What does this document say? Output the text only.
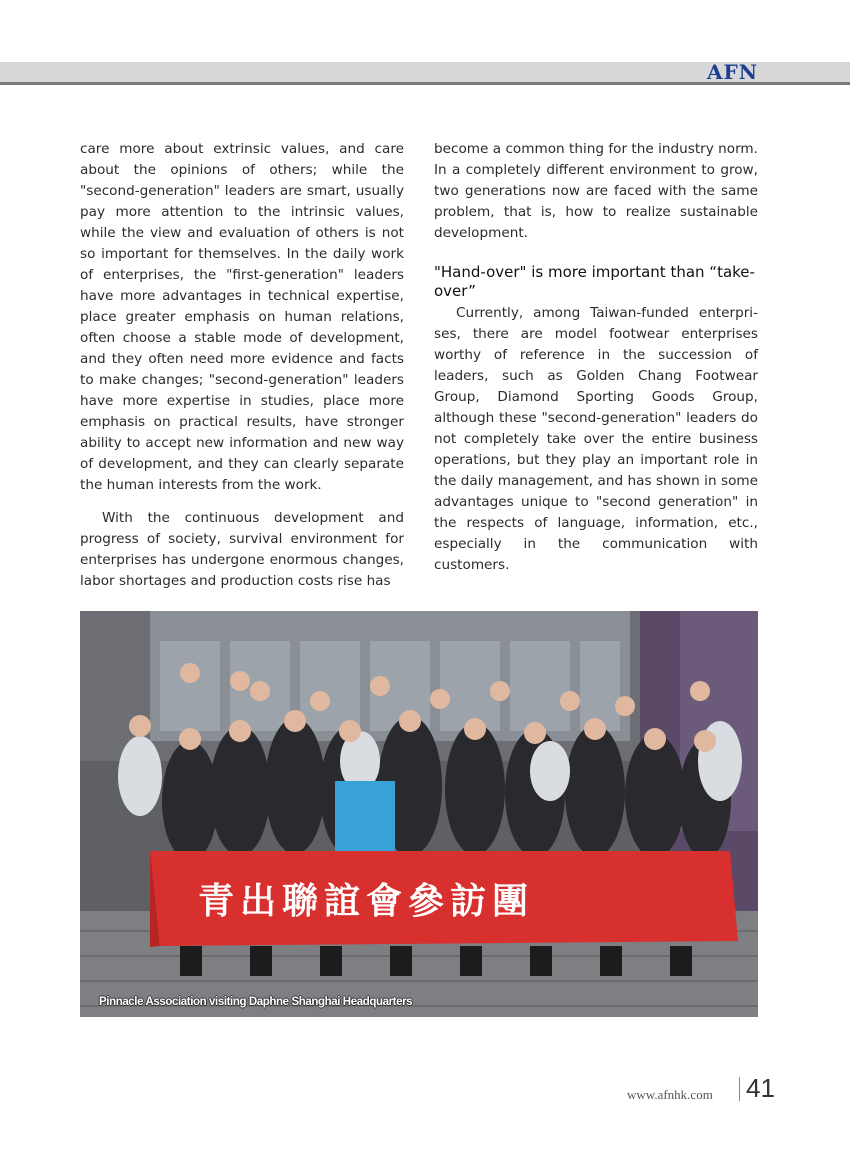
AFN

care more about extrinsic values, and care about the opinions of others; while the "second-generation" leaders are smart, usually pay more attention to the intrinsic values, while the view and evaluation of others is not so important for themselves. In the daily work of enterprises, the "first-generation" leaders have more advantages in technical expertise, place greater emphasis on human relations, often choose a stable mode of development, and they often need more evidence and facts to make changes; "second-generation" leaders have more expertise in studies, place more emphasis on practical results, have stronger ability to accept new information and new way of development, and they can clearly separate the human interests from the work.

With the continuous development and progress of society, survival environment for enterprises has undergone enormous changes, labor shortages and production costs rise has

become a common thing for the industry norm. In a completely different environment to grow, two generations now are faced with the same problem, that is, how to realize sustainable development.

"Hand-over" is more important than “take-over”

Currently, among Taiwan-funded enterpri-ses, there are model footwear enterprises worthy of reference in the succession of leaders, such as Golden Chang Footwear Group, Diamond Sporting Goods Group, although these "second-generation" leaders do not completely take over the entire business operations, but they play an important role in the daily management, and has shown in some advantages unique to "second generation" in the respects of language, information, etc., especially in the communication with customers.

青出聯誼會參訪團
Pinnacle Association visiting Daphne Shanghai Headquarters
www.afnhk.com 41
